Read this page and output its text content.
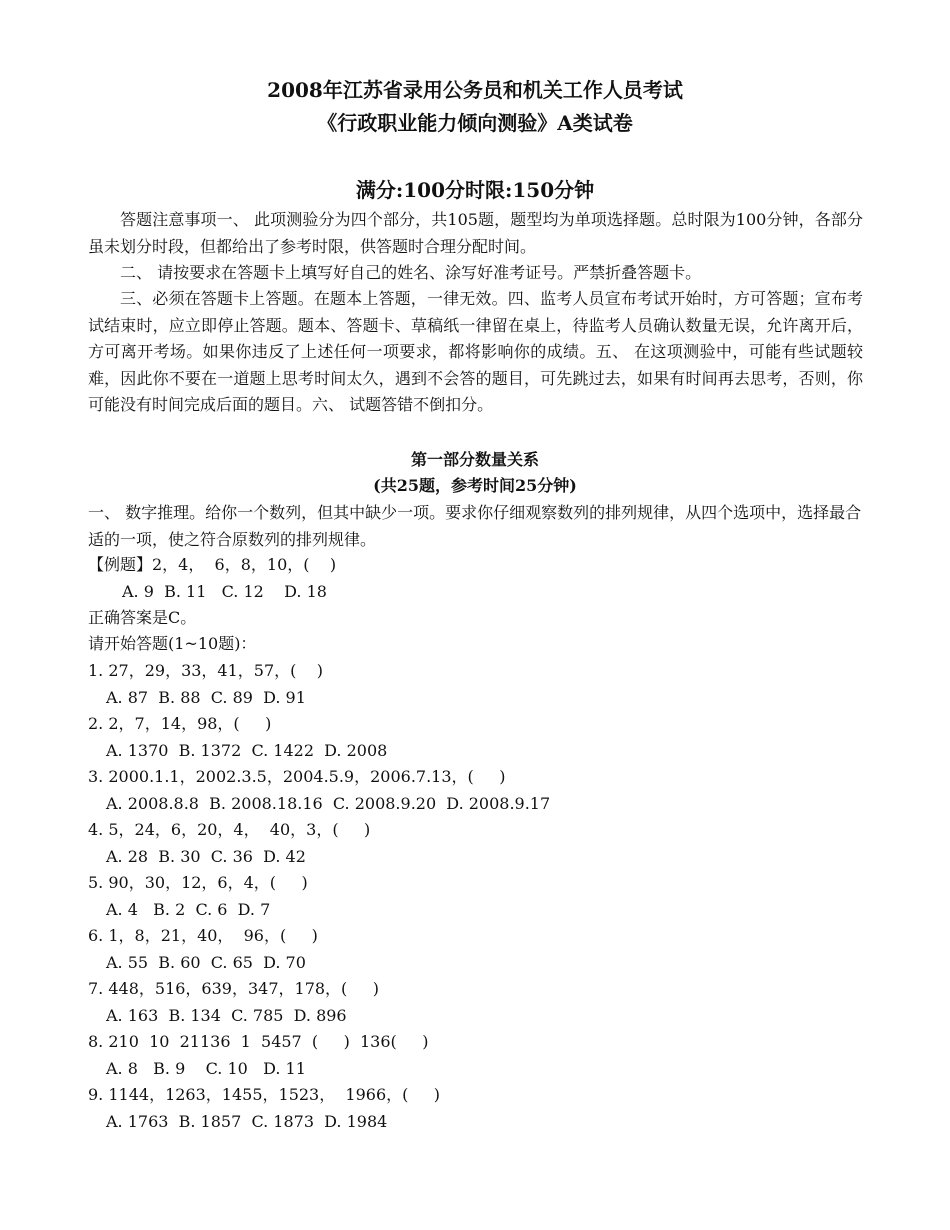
2008年江苏省录用公务员和机关工作人员考试
《行政职业能力倾向测验》A类试卷
满分:100分时限:150分钟
答题注意事项一、 此项测验分为四个部分，共105题，题型均为单项选择题。总时限为100分钟，各部分虽未划分时段，但都给出了参考时限，供答题时合理分配时间。
二、 请按要求在答题卡上填写好自己的姓名、涂写好准考证号。严禁折叠答题卡。
三、必须在答题卡上答题。在题本上答题，一律无效。四、监考人员宣布考试开始时，方可答题；宣布考试结束时，应立即停止答题。题本、答题卡、草稿纸一律留在桌上，待监考人员确认数量无误，允许离开后，方可离开考场。如果你违反了上述任何一项要求，都将影响你的成绩。五、 在这项测验中，可能有些试题较难，因此你不要在一道题上思考时间太久，遇到不会答的题目，可先跳过去，如果有时间再去思考，否则，你可能没有时间完成后面的题目。六、 试题答错不倒扣分。
第一部分数量关系
(共25题，参考时间25分钟)
一、 数字推理。给你一个数列，但其中缺少一项。要求你仔细观察数列的排列规律，从四个选项中，选择最合适的一项，使之符合原数列的排列规律。
【例题】2，4，  6，8，10，(    )
A. 9  B. 11   C. 12    D. 18
正确答案是C。
请开始答题(1~10题)：
1. 27，29，33，41，57，(    )
A. 87  B. 88  C. 89  D. 91
2. 2，7，14，98，(     )
A. 1370  B. 1372  C. 1422  D. 2008
3. 2000.1.1，2002.3.5，2004.5.9，2006.7.13，(     )
A. 2008.8.8  B. 2008.18.16  C. 2008.9.20  D. 2008.9.17
4. 5，24，6，20，4，  40，3，(     )
A. 28  B. 30  C. 36  D. 42
5. 90，30，12，6，4，(     )
A. 4   B. 2  C. 6  D. 7
6. 1，8，21，40，  96，(     )
A. 55  B. 60  C. 65  D. 70
7. 448，516，639，347，178，(     )
A. 163  B. 134  C. 785  D. 896
8. 210  10  21136  1  5457  (     )  136(     )
A. 8   B. 9    C. 10   D. 11
9. 1144，1263，1455，1523，  1966，(     )
A. 1763  B. 1857  C. 1873  D. 1984
